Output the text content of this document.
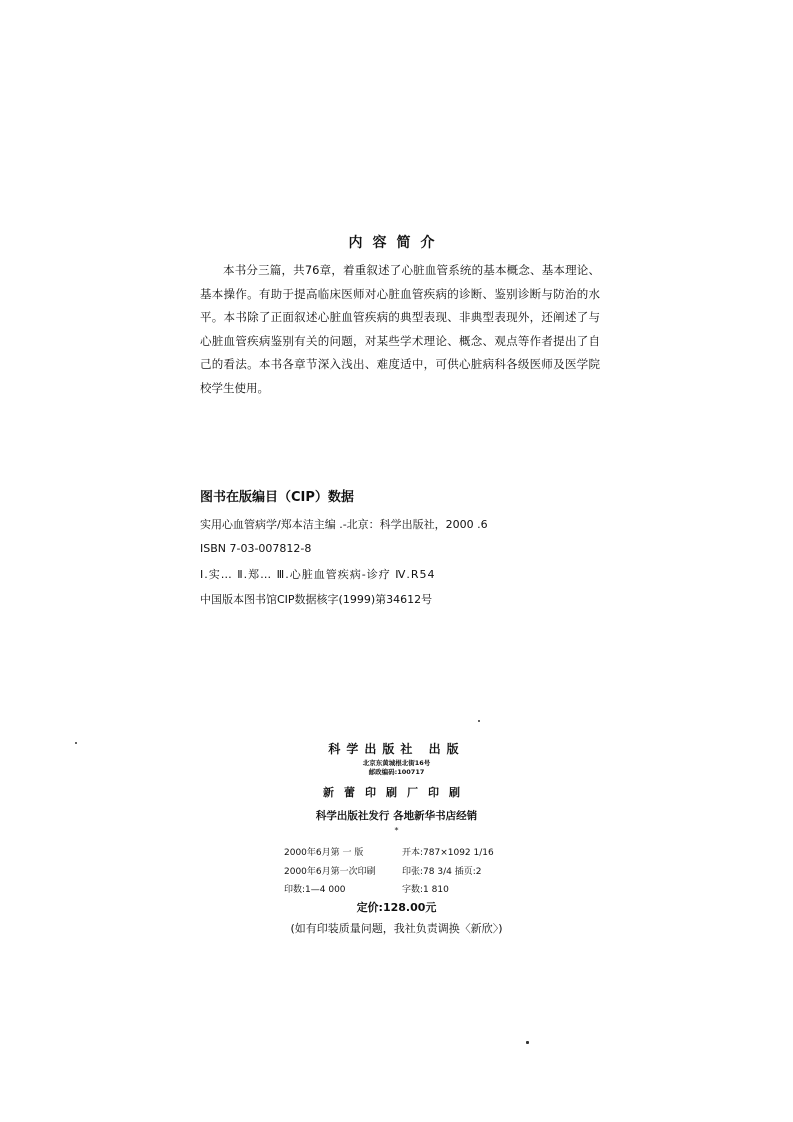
内容简介
本书分三篇，共76章，着重叙述了心脏血管系统的基本概念、基本理论、基本操作。有助于提高临床医师对心脏血管疾病的诊断、鉴别诊断与防治的水平。本书除了正面叙述心脏血管疾病的典型表现、非典型表现外，还阐述了与心脏血管疾病鉴别有关的问题，对某些学术理论、概念、观点等作者提出了自己的看法。本书各章节深入浅出、难度适中，可供心脏病科各级医师及医学院校学生使用。
图书在版编目（CIP）数据
实用心血管病学/郑本洁主编 .-北京：科学出版社，2000 .6
ISBN 7-03-007812-8
Ⅰ.实… Ⅱ.郑… Ⅲ.心脏血管疾病-诊疗 Ⅳ.R54
中国版本图书馆CIP数据核字(1999)第34612号
科学出版社 出版
北京东黄城根北街16号
邮政编码:100717
新蕾印刷厂印刷
科学出版社发行 各地新华书店经销
*
2000年6月第 一 版	开本:787×1092 1/16
2000年6月第一次印刷	印张:78 3/4 插页:2
印数:1—4 000	字数:1 810
定价:128.00元
(如有印装质量问题，我社负责调换〈新欣〉)
